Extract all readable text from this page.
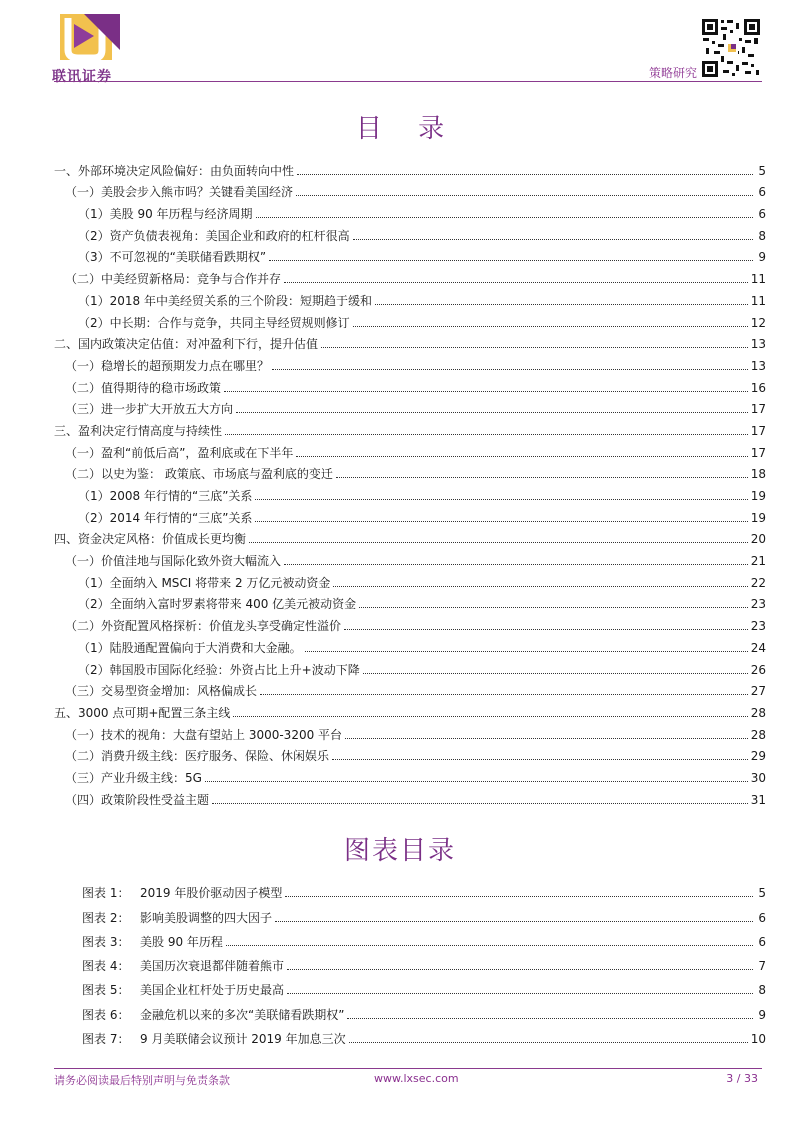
联讯证券	策略研究
目 录
一、外部环境决定风险偏好：由负面转向中性	5
（一）美股会步入熊市吗？关键看美国经济	6
（1）美股 90 年历程与经济周期	6
（2）资产负债表视角：美国企业和政府的杠杆很高	8
（3）不可忽视的“美联储看跌期权”	9
（二）中美经贸新格局：竞争与合作并存	11
（1）2018 年中美经贸关系的三个阶段：短期趋于缓和	11
（2）中长期：合作与竞争，共同主导经贸规则修订	12
二、国内政策决定估值：对冲盈利下行，提升估值	13
（一）稳增长的超预期发力点在哪里？	13
（二）值得期待的稳市场政策	16
（三）进一步扩大开放五大方向	17
三、盈利决定行情高度与持续性	17
（一）盈利“前低后高”，盈利底或在下半年	17
（二）以史为鉴： 政策底、市场底与盈利底的变迁	18
（1）2008 年行情的“三底”关系	19
（2）2014 年行情的“三底”关系	19
四、资金决定风格：价值成长更均衡	20
（一）价值洼地与国际化致外资大幅流入	21
（1）全面纳入 MSCI 将带来 2 万亿元被动资金	22
（2）全面纳入富时罗素将带来 400 亿美元被动资金	23
（二）外资配置风格探析：价值龙头享受确定性溢价	23
（1）陆股通配置偏向于大消费和大金融。	24
（2）韩国股市国际化经验：外资占比上升+波动下降	26
（三）交易型资金增加：风格偏成长	27
五、3000 点可期+配置三条主线	28
（一）技术的视角：大盘有望站上 3000-3200 平台	28
（二）消费升级主线：医疗服务、保险、休闲娱乐	29
（三）产业升级主线：5G	30
（四）政策阶段性受益主题	31
图表目录
图表 1： 2019 年股价驱动因子模型	5
图表 2： 影响美股调整的四大因子	6
图表 3： 美股 90 年历程	6
图表 4： 美国历次衰退都伴随着熊市	7
图表 5： 美国企业杠杆处于历史最高	8
图表 6： 金融危机以来的多次“美联储看跌期权”	9
图表 7： 9 月美联储会议预计 2019 年加息三次	10
请务必阅读最后特别声明与免责条款	www.lxsec.com	3 / 33
